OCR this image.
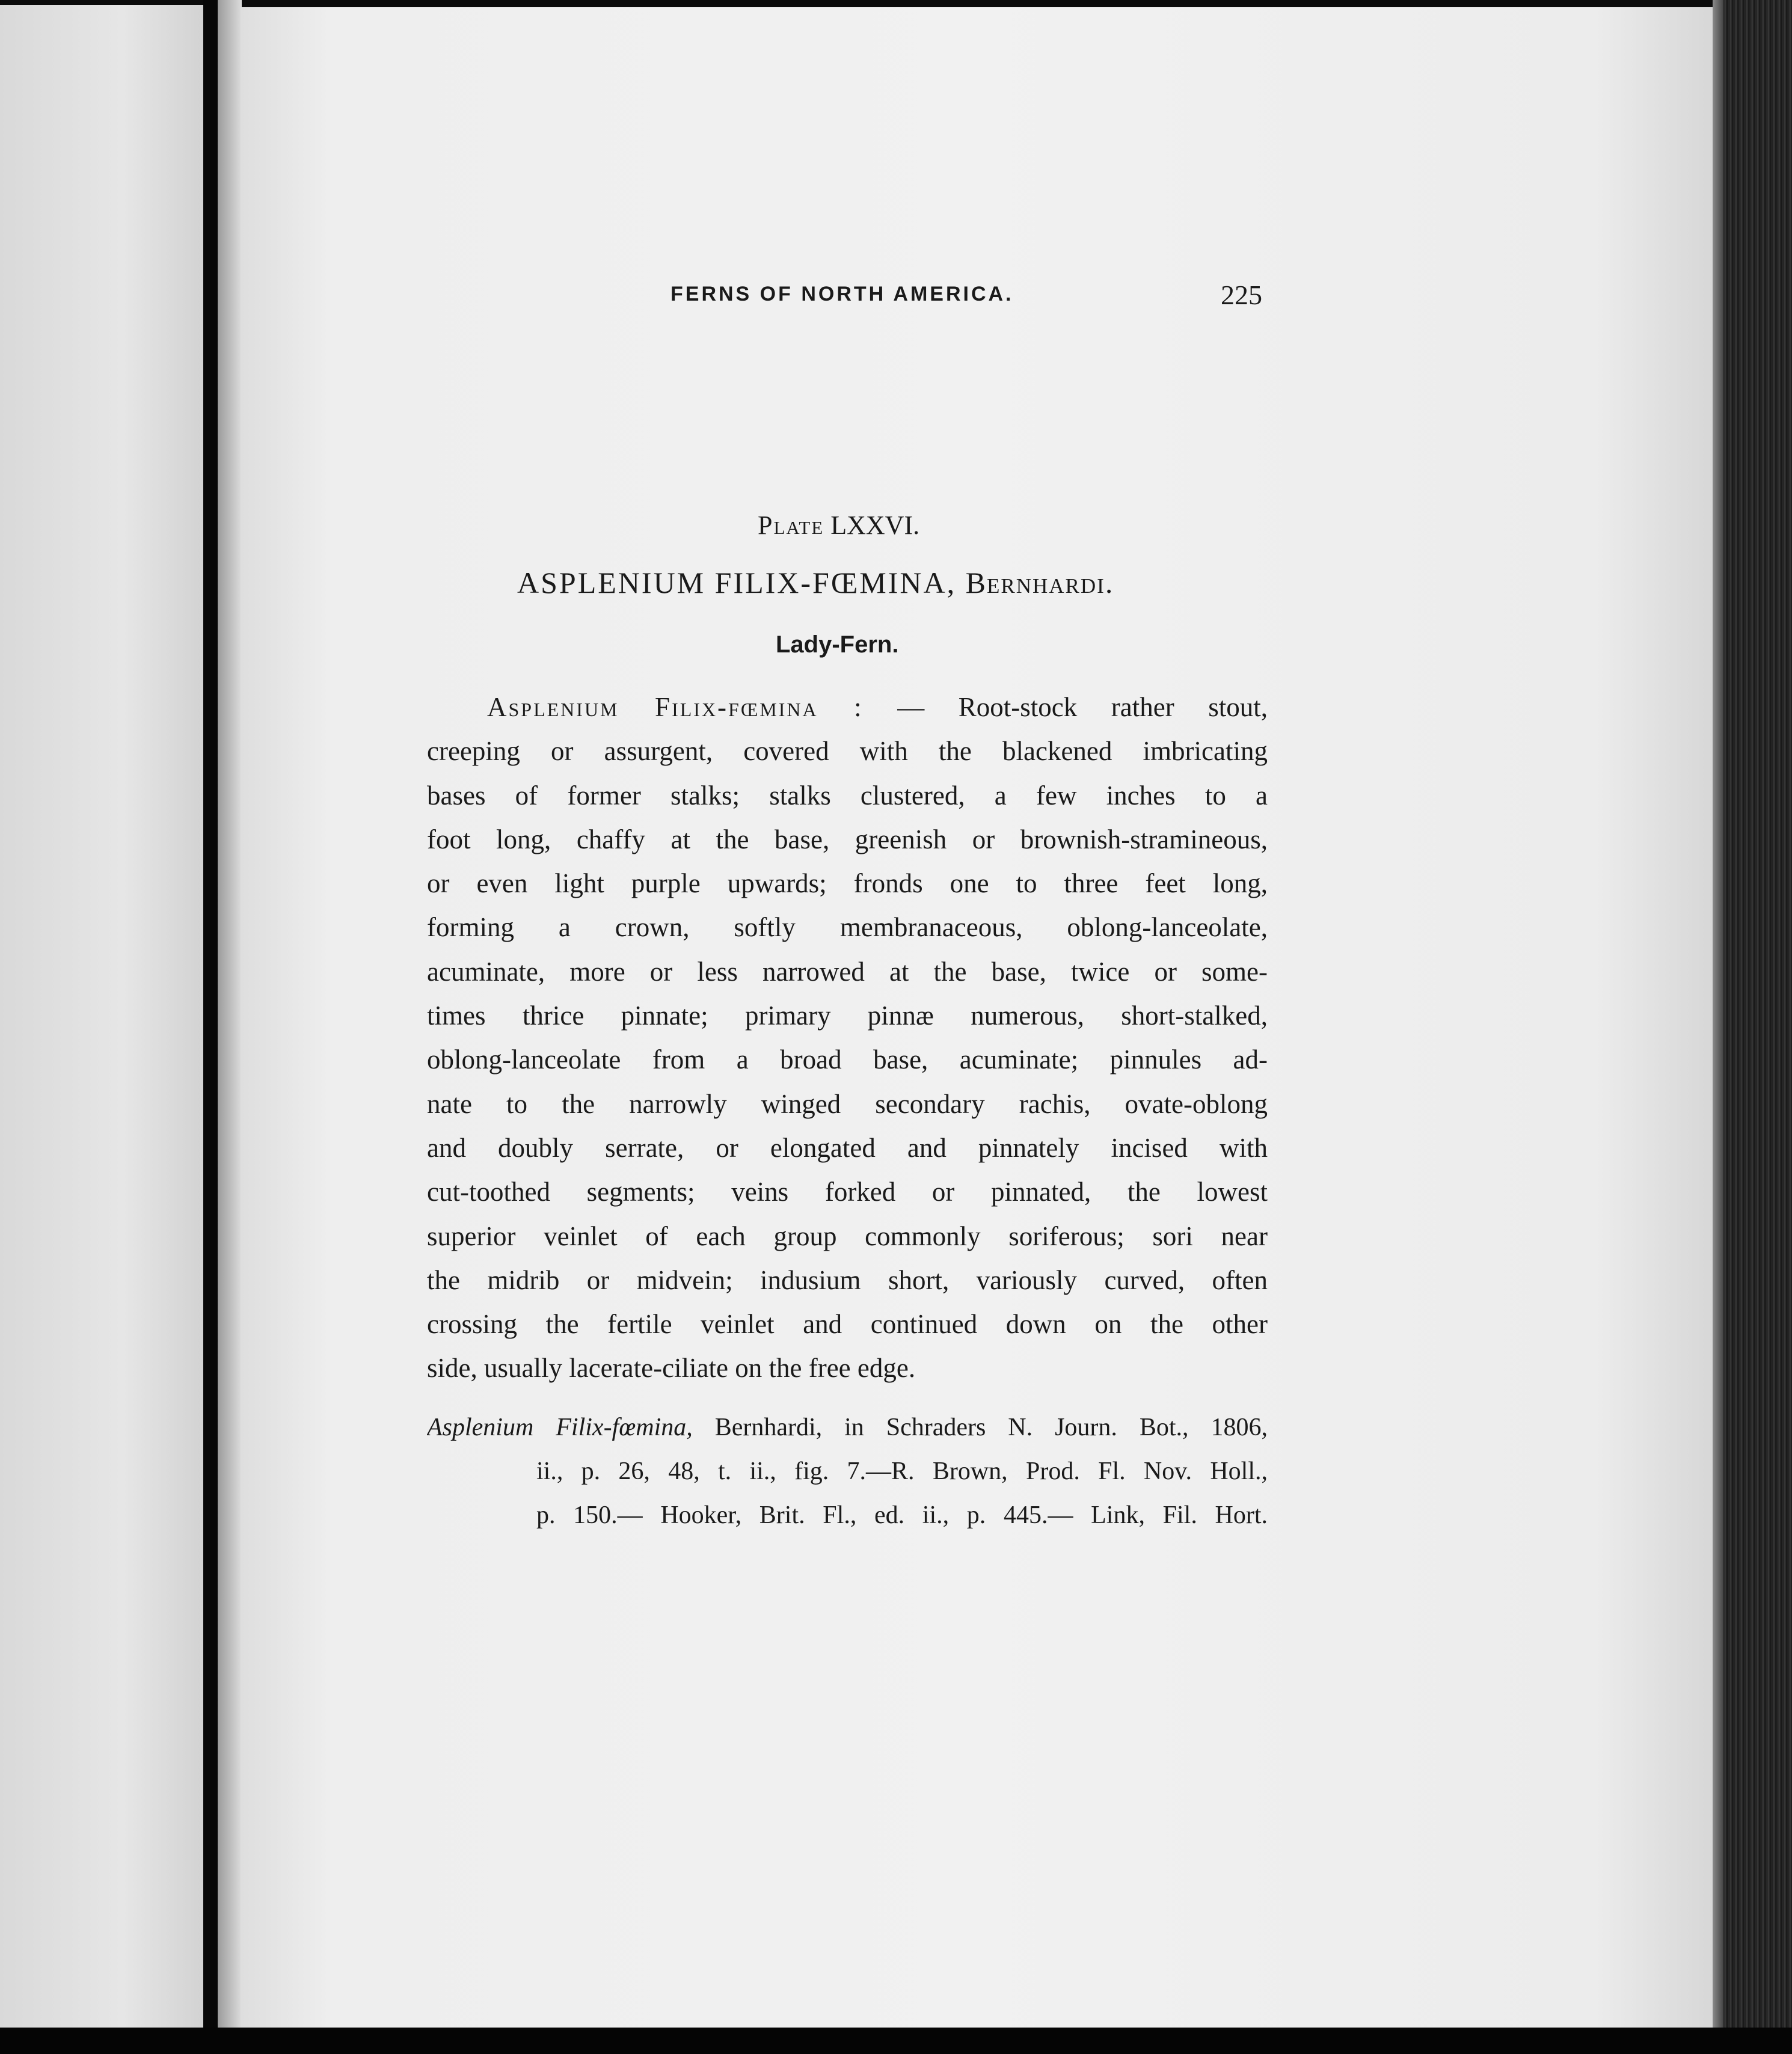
FERNS OF NORTH AMERICA.	225
Plate LXXVI.
ASPLENIUM FILIX-FŒMINA, Bernhardi.
Lady-Fern.
Asplenium Filix-fœmina : — Root-stock rather stout,
creeping or assurgent, covered with the blackened imbricating
bases of former stalks; stalks clustered, a few inches to a
foot long, chaffy at the base, greenish or brownish-stramineous,
or even light purple upwards; fronds one to three feet long,
forming a crown, softly membranaceous, oblong-lanceolate,
acuminate, more or less narrowed at the base, twice or some-
times thrice pinnate; primary pinnæ numerous, short-stalked,
oblong-lanceolate from a broad base, acuminate; pinnules ad-
nate to the narrowly winged secondary rachis, ovate-oblong
and doubly serrate, or elongated and pinnately incised with
cut-toothed segments; veins forked or pinnated, the lowest
superior veinlet of each group commonly soriferous; sori near
the midrib or midvein; indusium short, variously curved, often
crossing the fertile veinlet and continued down on the other
side, usually lacerate-ciliate on the free edge.
Asplenium Filix-fœmina, Bernhardi, in Schraders N. Journ. Bot., 1806,
ii., p. 26, 48, t. ii., fig. 7.—R. Brown, Prod. Fl. Nov. Holl.,
p. 150.— Hooker, Brit. Fl., ed. ii., p. 445.— Link, Fil. Hort.
